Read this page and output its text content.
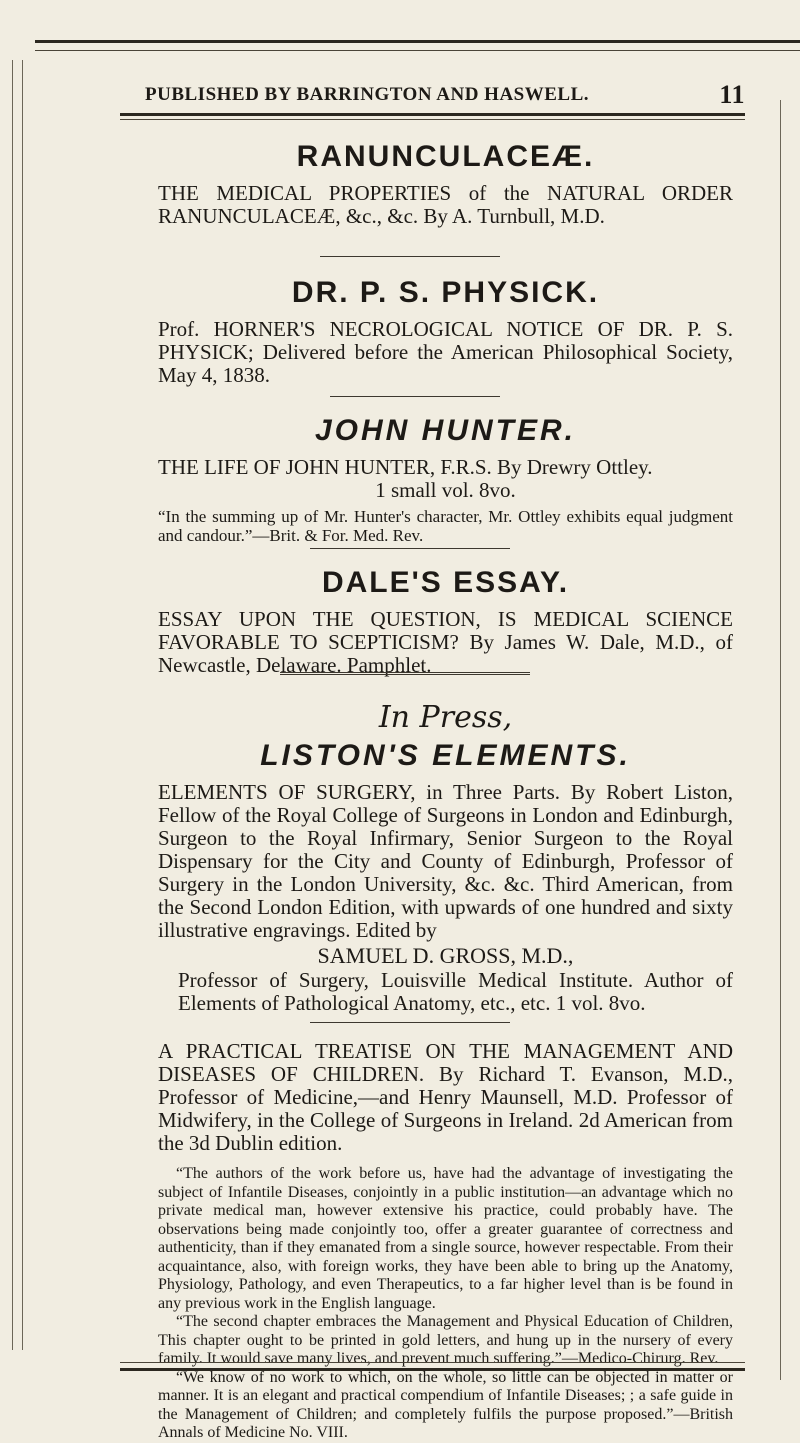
PUBLISHED BY BARRINGTON AND HASWELL.	11
RANUNCULACEÆ.
THE MEDICAL PROPERTIES of the NATURAL ORDER RANUNCULACEÆ, &c., &c. By A. Turnbull, M.D.
DR. P. S. PHYSICK.
Prof. HORNER'S NECROLOGICAL NOTICE OF DR. P. S. PHYSICK; Delivered before the American Philosophical Society, May 4, 1838.
JOHN HUNTER.
THE LIFE OF JOHN HUNTER, F.R.S. By Drewry Ottley.
1 small vol. 8vo.
“In the summing up of Mr. Hunter's character, Mr. Ottley exhibits equal judgment and candour.”—Brit. & For. Med. Rev.
DALE'S ESSAY.
ESSAY UPON THE QUESTION, IS MEDICAL SCIENCE FAVORABLE TO SCEPTICISM? By James W. Dale, M.D., of Newcastle, Delaware. Pamphlet.
In Press,
LISTON'S ELEMENTS.
ELEMENTS OF SURGERY, in Three Parts. By Robert Liston, Fellow of the Royal College of Surgeons in London and Edinburgh, Surgeon to the Royal Infirmary, Senior Surgeon to the Royal Dispensary for the City and County of Edinburgh, Professor of Surgery in the London University, &c. &c. Third American, from the Second London Edition, with upwards of one hundred and sixty illustrative engravings. Edited by
SAMUEL D. GROSS, M.D.,
Professor of Surgery, Louisville Medical Institute. Author of Elements of Pathological Anatomy, etc., etc. 1 vol. 8vo.
A PRACTICAL TREATISE ON THE MANAGEMENT AND DISEASES OF CHILDREN. By Richard T. Evanson, M.D., Professor of Medicine,—and Henry Maunsell, M.D. Professor of Midwifery, in the College of Surgeons in Ireland. 2d American from the 3d Dublin edition.
“The authors of the work before us, have had the advantage of investigating the subject of Infantile Diseases, conjointly in a public institution—an advantage which no private medical man, however extensive his practice, could probably have. The observations being made conjointly too, offer a greater guarantee of correctness and authenticity, than if they emanated from a single source, however respectable. From their acquaintance, also, with foreign works, they have been able to bring up the Anatomy, Physiology, Pathology, and even Therapeutics, to a far higher level than is be found in any previous work in the English language.
“The second chapter embraces the Management and Physical Education of Children, This chapter ought to be printed in gold letters, and hung up in the nursery of every family. It would save many lives, and prevent much suffering.”—Medico-Chirurg. Rev.
“We know of no work to which, on the whole, so little can be objected in matter or manner. It is an elegant and practical compendium of Infantile Diseases; ; a safe guide in the Management of Children; and completely fulfils the purpose proposed.”—British Annals of Medicine No. VIII.
